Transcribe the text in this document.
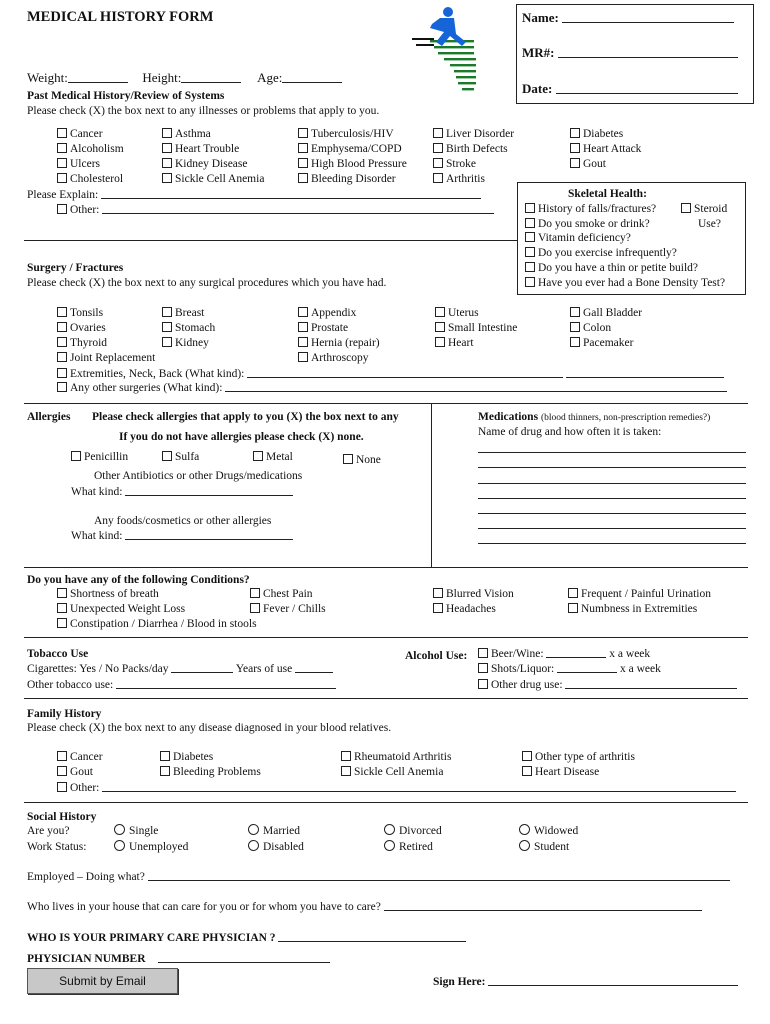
MEDICAL HISTORY FORM	Name:
MR#:
Date:
Weight:	Height:	Age:
Past Medical History/Review of Systems
Please check (X) the box next to any illnesses or problems that apply to you.
Cancer
Alcoholism
Ulcers
Cholesterol
Asthma
Heart Trouble
Kidney Disease
Sickle Cell Anemia
Tuberculosis/HIV
Emphysema/COPD
High Blood Pressure
Bleeding Disorder
Liver Disorder
Birth Defects
Stroke
Arthritis
Diabetes
Heart Attack
Gout
Please Explain:
Other:
Skeletal Health:
History of falls/fractures?
Do you smoke or drink?
Vitamin deficiency?
Do you exercise infrequently?
Do you have a thin or petite build?
Have you ever had a Bone Density Test?
Steroid
Use?
Surgery / Fractures
Please check (X) the box next to any surgical procedures which you have had.
Tonsils
Ovaries
Thyroid
Joint Replacement
Breast
Stomach
Kidney
Appendix
Prostate
Hernia (repair)
Arthroscopy
Uterus
Small Intestine
Heart
Gall Bladder
Colon
Pacemaker
Extremities, Neck, Back (What kind):
Any other surgeries (What kind):
Allergies Please check allergies that apply to you (X) the box next to any
If you do not have allergies please check (X) none.
Penicillin	Sulfa	Metal	None
Other Antibiotics or other Drugs/medications
What kind:
Any foods/cosmetics or other allergies
What kind:
Medications (blood thinners, non-prescription remedies?)
Name of drug and how often it is taken:
Do you have any of the following Conditions?
Shortness of breath
Unexpected Weight Loss
Constipation / Diarrhea / Blood in stools
Chest Pain
Fever / Chills
Blurred Vision
Headaches
Frequent / Painful Urination
Numbness in Extremities
Tobacco Use
Cigarettes: Yes / No Packs/day	Years of use
Other tobacco use:
Alcohol Use:	Beer/Wine:	x a week
Shots/Liquor:	x a week
Other drug use:
Family History
Please check (X) the box next to any disease diagnosed in your blood relatives.
Cancer
Gout
Diabetes
Bleeding Problems
Rheumatoid Arthritis
Sickle Cell Anemia
Other type of arthritis
Heart Disease
Other:
Social History
Are you?
Work Status:
Single	Married	Divorced	Widowed
Unemployed	Disabled	Retired	Student
Employed – Doing what?
Who lives in your house that can care for you or for whom you have to care?
WHO IS YOUR PRIMARY CARE PHYSICIAN ?
PHYSICIAN NUMBER
Submit by Email	Sign Here:
